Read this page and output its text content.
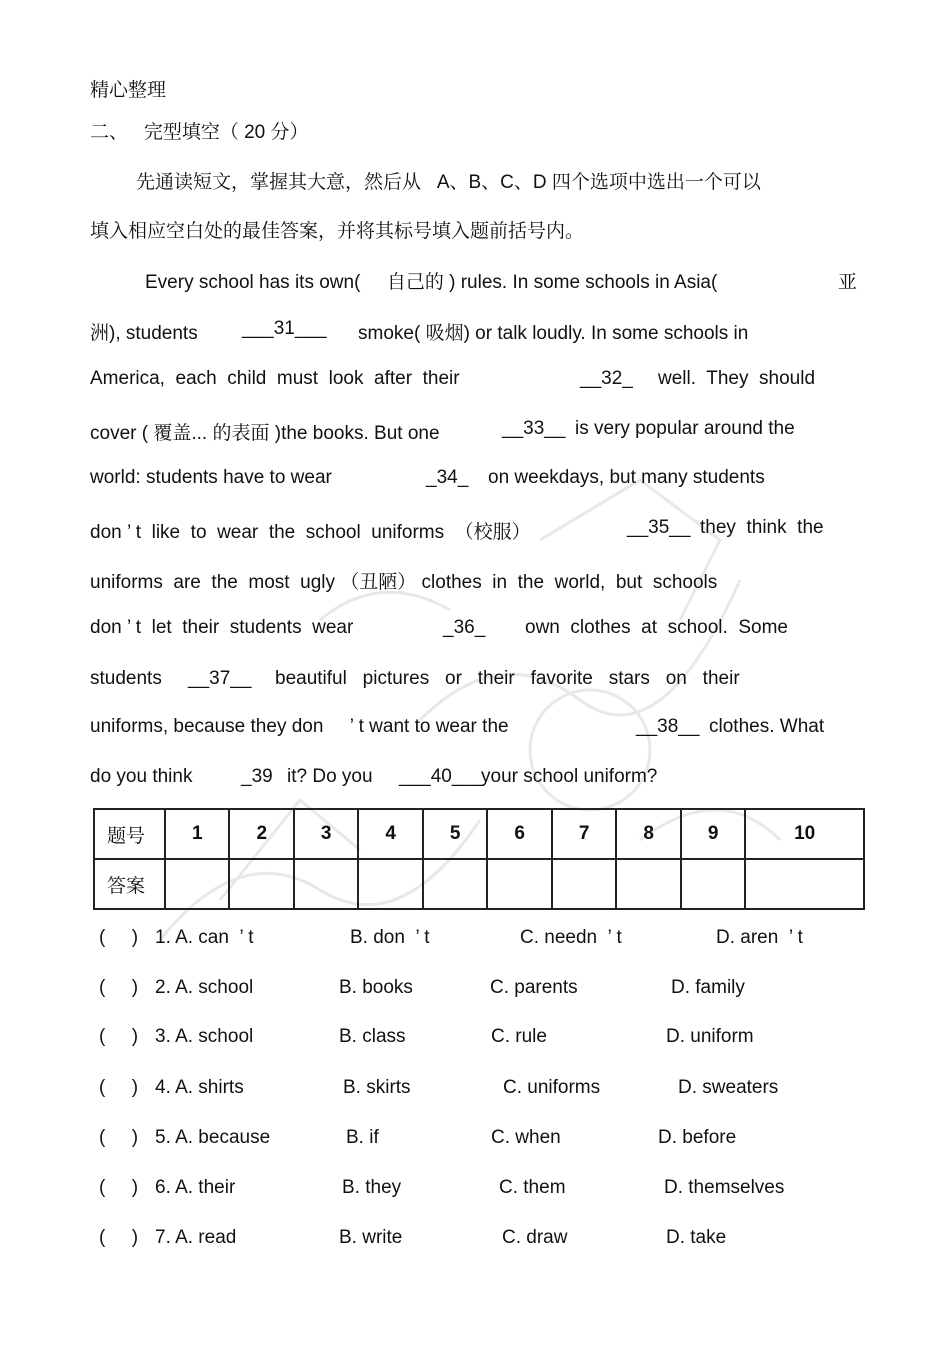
精心整理
二、   完型填空（ 20 分）
先通读短文，掌握其大意，然后从   A、B、C、D 四个选项中选出一个可以
填入相应空白处的最佳答案，并将其标号填入题前括号内。
Every school has its own(     自己的 ) rules. In some schools in Asia(	亚
洲), students ___31___ smoke( 吸烟) or talk loudly. In some schools in
America,  each  child  must  look  after  their	__32_ well.  They  should
cover ( 覆盖... 的表面 )the books. But one	__33__ is very popular around the
world: students have to wear	_34_ on weekdays, but many students
don ’ t  like  to  wear  the  school  uniforms  （校服）	__35__ they  think  the
uniforms  are  the  most  ugly （丑陋） clothes  in  the  world,  but  schools
don ’ t  let  their  students  wear	_36_ own  clothes  at  school.  Some
students __37__ beautiful   pictures   or   their   favorite   stars   on   their
uniforms, because they don     ’ t want to wear the	__38__ clothes. What
do you think	_39 it? Do you ___40___
your school uniform?
题号	1	2	3	4	5	6	7	8	9	10
答案										
(     ) 1. A. can  ’ t	B. don  ’ t	C. needn  ’ t	D. aren  ’ t
(     ) 2. A. school	B. books	C. parents	D. family
(     ) 3. A. school	B. class	C. rule	D. uniform
(     ) 4. A. shirts	B. skirts	C. uniforms	D. sweaters
(     ) 5. A. because	B. if	C. when	D. before
(     ) 6. A. their	B. they	C. them	D. themselves
(     ) 7. A. read	B. write	C. draw	D. take
